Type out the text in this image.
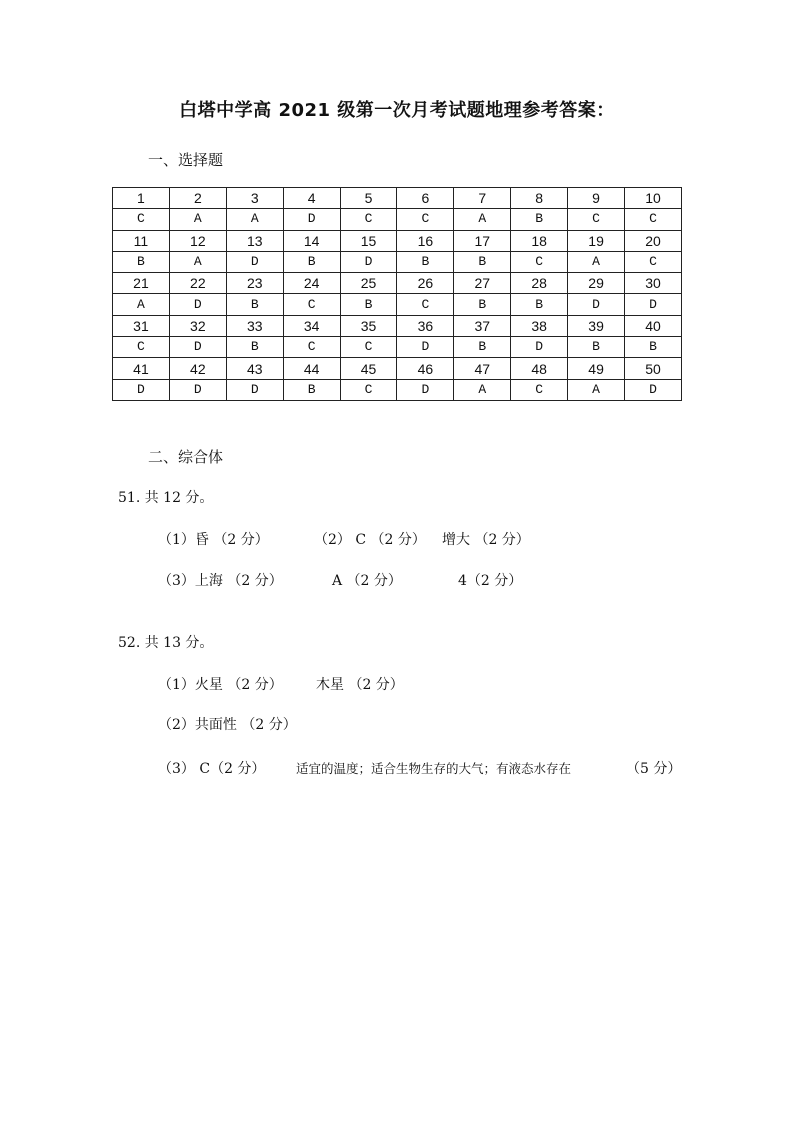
白塔中学高 2021 级第一次月考试题地理参考答案：
一、选择题
1	2	3	4	5	6	7	8	9	10
C	A	A	D	C	C	A	B	C	C
11	12	13	14	15	16	17	18	19	20
B	A	D	B	D	B	B	C	A	C
21	22	23	24	25	26	27	28	29	30
A	D	B	C	B	C	B	B	D	D
31	32	33	34	35	36	37	38	39	40
C	D	B	C	C	D	B	D	B	B
41	42	43	44	45	46	47	48	49	50
D	D	D	B	C	D	A	C	A	D
二、综合体
51. 共 12 分。
（1）昏 （2 分）	（2） C （2 分） 增大 （2 分）
（3）上海 （2 分）	A （2 分）	4（2 分）
52. 共 13 分。
（1）火星 （2 分） 木星 （2 分）
（2）共面性 （2 分）
（3） C（2 分） 适宜的温度；适合生物生存的大气；有液态水存在	（5 分）
